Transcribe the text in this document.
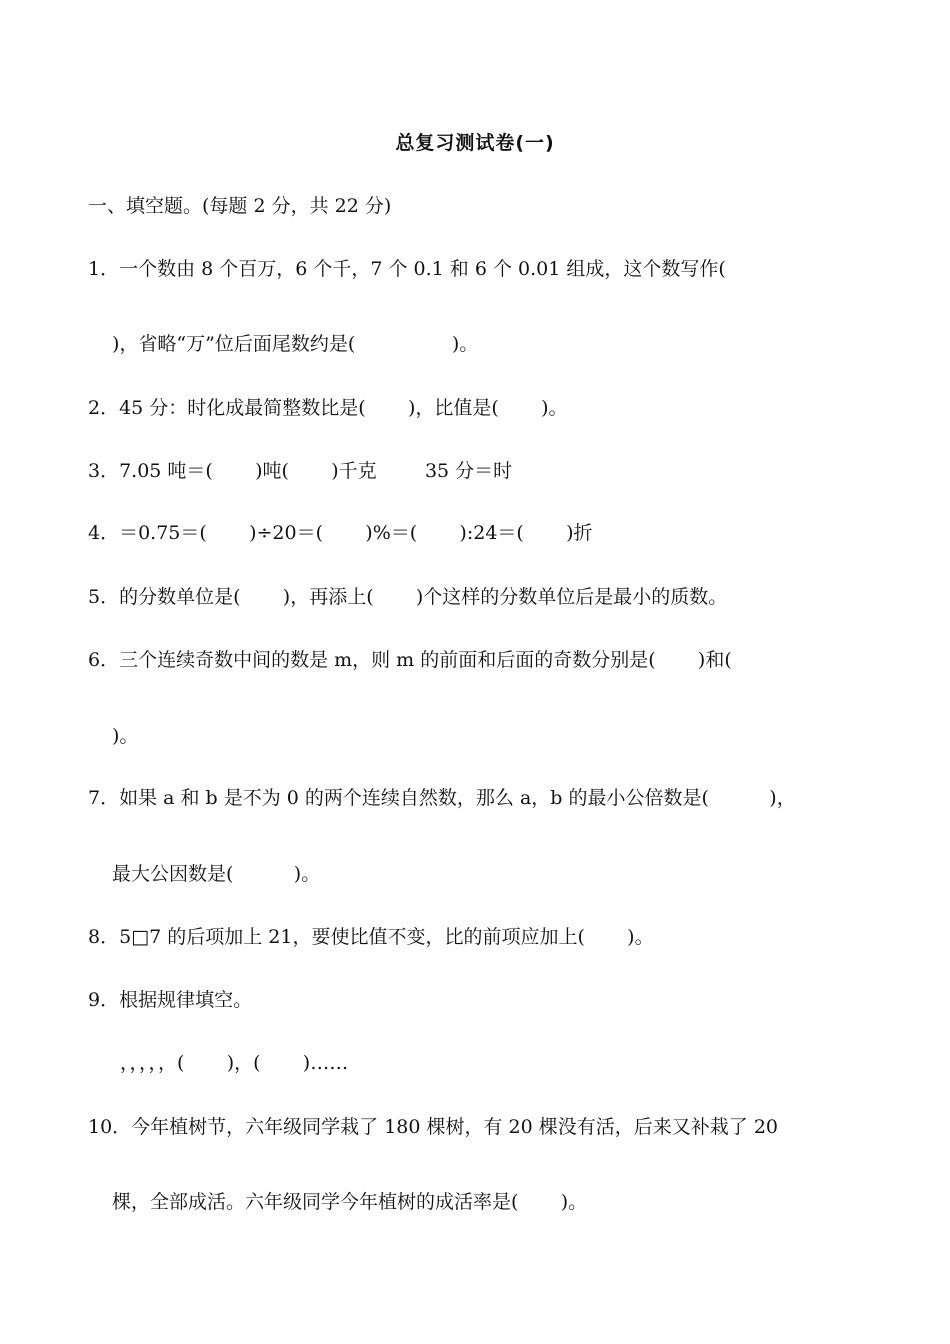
总复习测试卷(一)
一、填空题。(每题 2 分，共 22 分)
1．一个数由 8 个百万，6 个千，7 个 0.1 和 6 个 0.01 组成，这个数写作(
)，省略“万”位后面尾数约是(                )。
2．45 分：时化成最简整数比是(       )，比值是(       )。
3．7.05 吨＝(       )吨(       )千克        35 分＝时
4．＝0.75＝(       )÷20＝(       )%＝(       ):24＝(       )折
5．的分数单位是(       )，再添上(       )个这样的分数单位后是最小的质数。
6．三个连续奇数中间的数是 m，则 m 的前面和后面的奇数分别是(       )和(
)。
7．如果 a 和 b 是不为 0 的两个连续自然数，那么 a，b 的最小公倍数是(          )，
最大公因数是(          )。
8．5□7 的后项加上 21，要使比值不变，比的前项应加上(       )。
9．根据规律填空。
，，，，，(       )，(       )……
10．今年植树节，六年级同学栽了 180 棵树，有 20 棵没有活，后来又补栽了 20
棵，全部成活。六年级同学今年植树的成活率是(       )。
